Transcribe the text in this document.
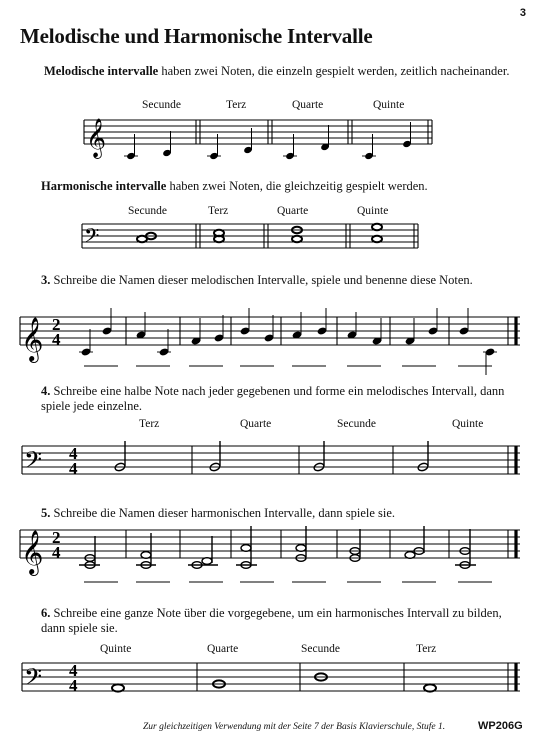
3
Melodische und Harmonische Intervalle
Melodische intervalle haben zwei Noten, die einzeln gespielt werden, zeitlich nacheinander.
Secunde	Terz	Quarte	Quinte
𝄞
Harmonische intervalle haben zwei Noten, die gleichzeitig gespielt werden.
Secunde	Terz	Quarte	Quinte
𝄢
3. Schreibe die Namen dieser melodischen Intervalle, spiele und benenne diese Noten.
𝄞 2
4
4. Schreibe eine halbe Note nach jeder gegebenen und forme ein melodisches Intervall, dann spiele jede einzelne.
Terz	Quarte	Secunde	Quinte
𝄢 4
4
5. Schreibe die Namen dieser harmonischen Intervalle, dann spiele sie.
𝄞 2
4
6. Schreibe eine ganze Note über die vorgegebene, um ein harmonisches Intervall zu bilden, dann spiele sie.
Quinte	Quarte	Secunde	Terz
𝄢 4
4
Zur gleichzeitigen Verwendung mit der Seite 7 der Basis Klavierschule, Stufe 1.	WP206G
